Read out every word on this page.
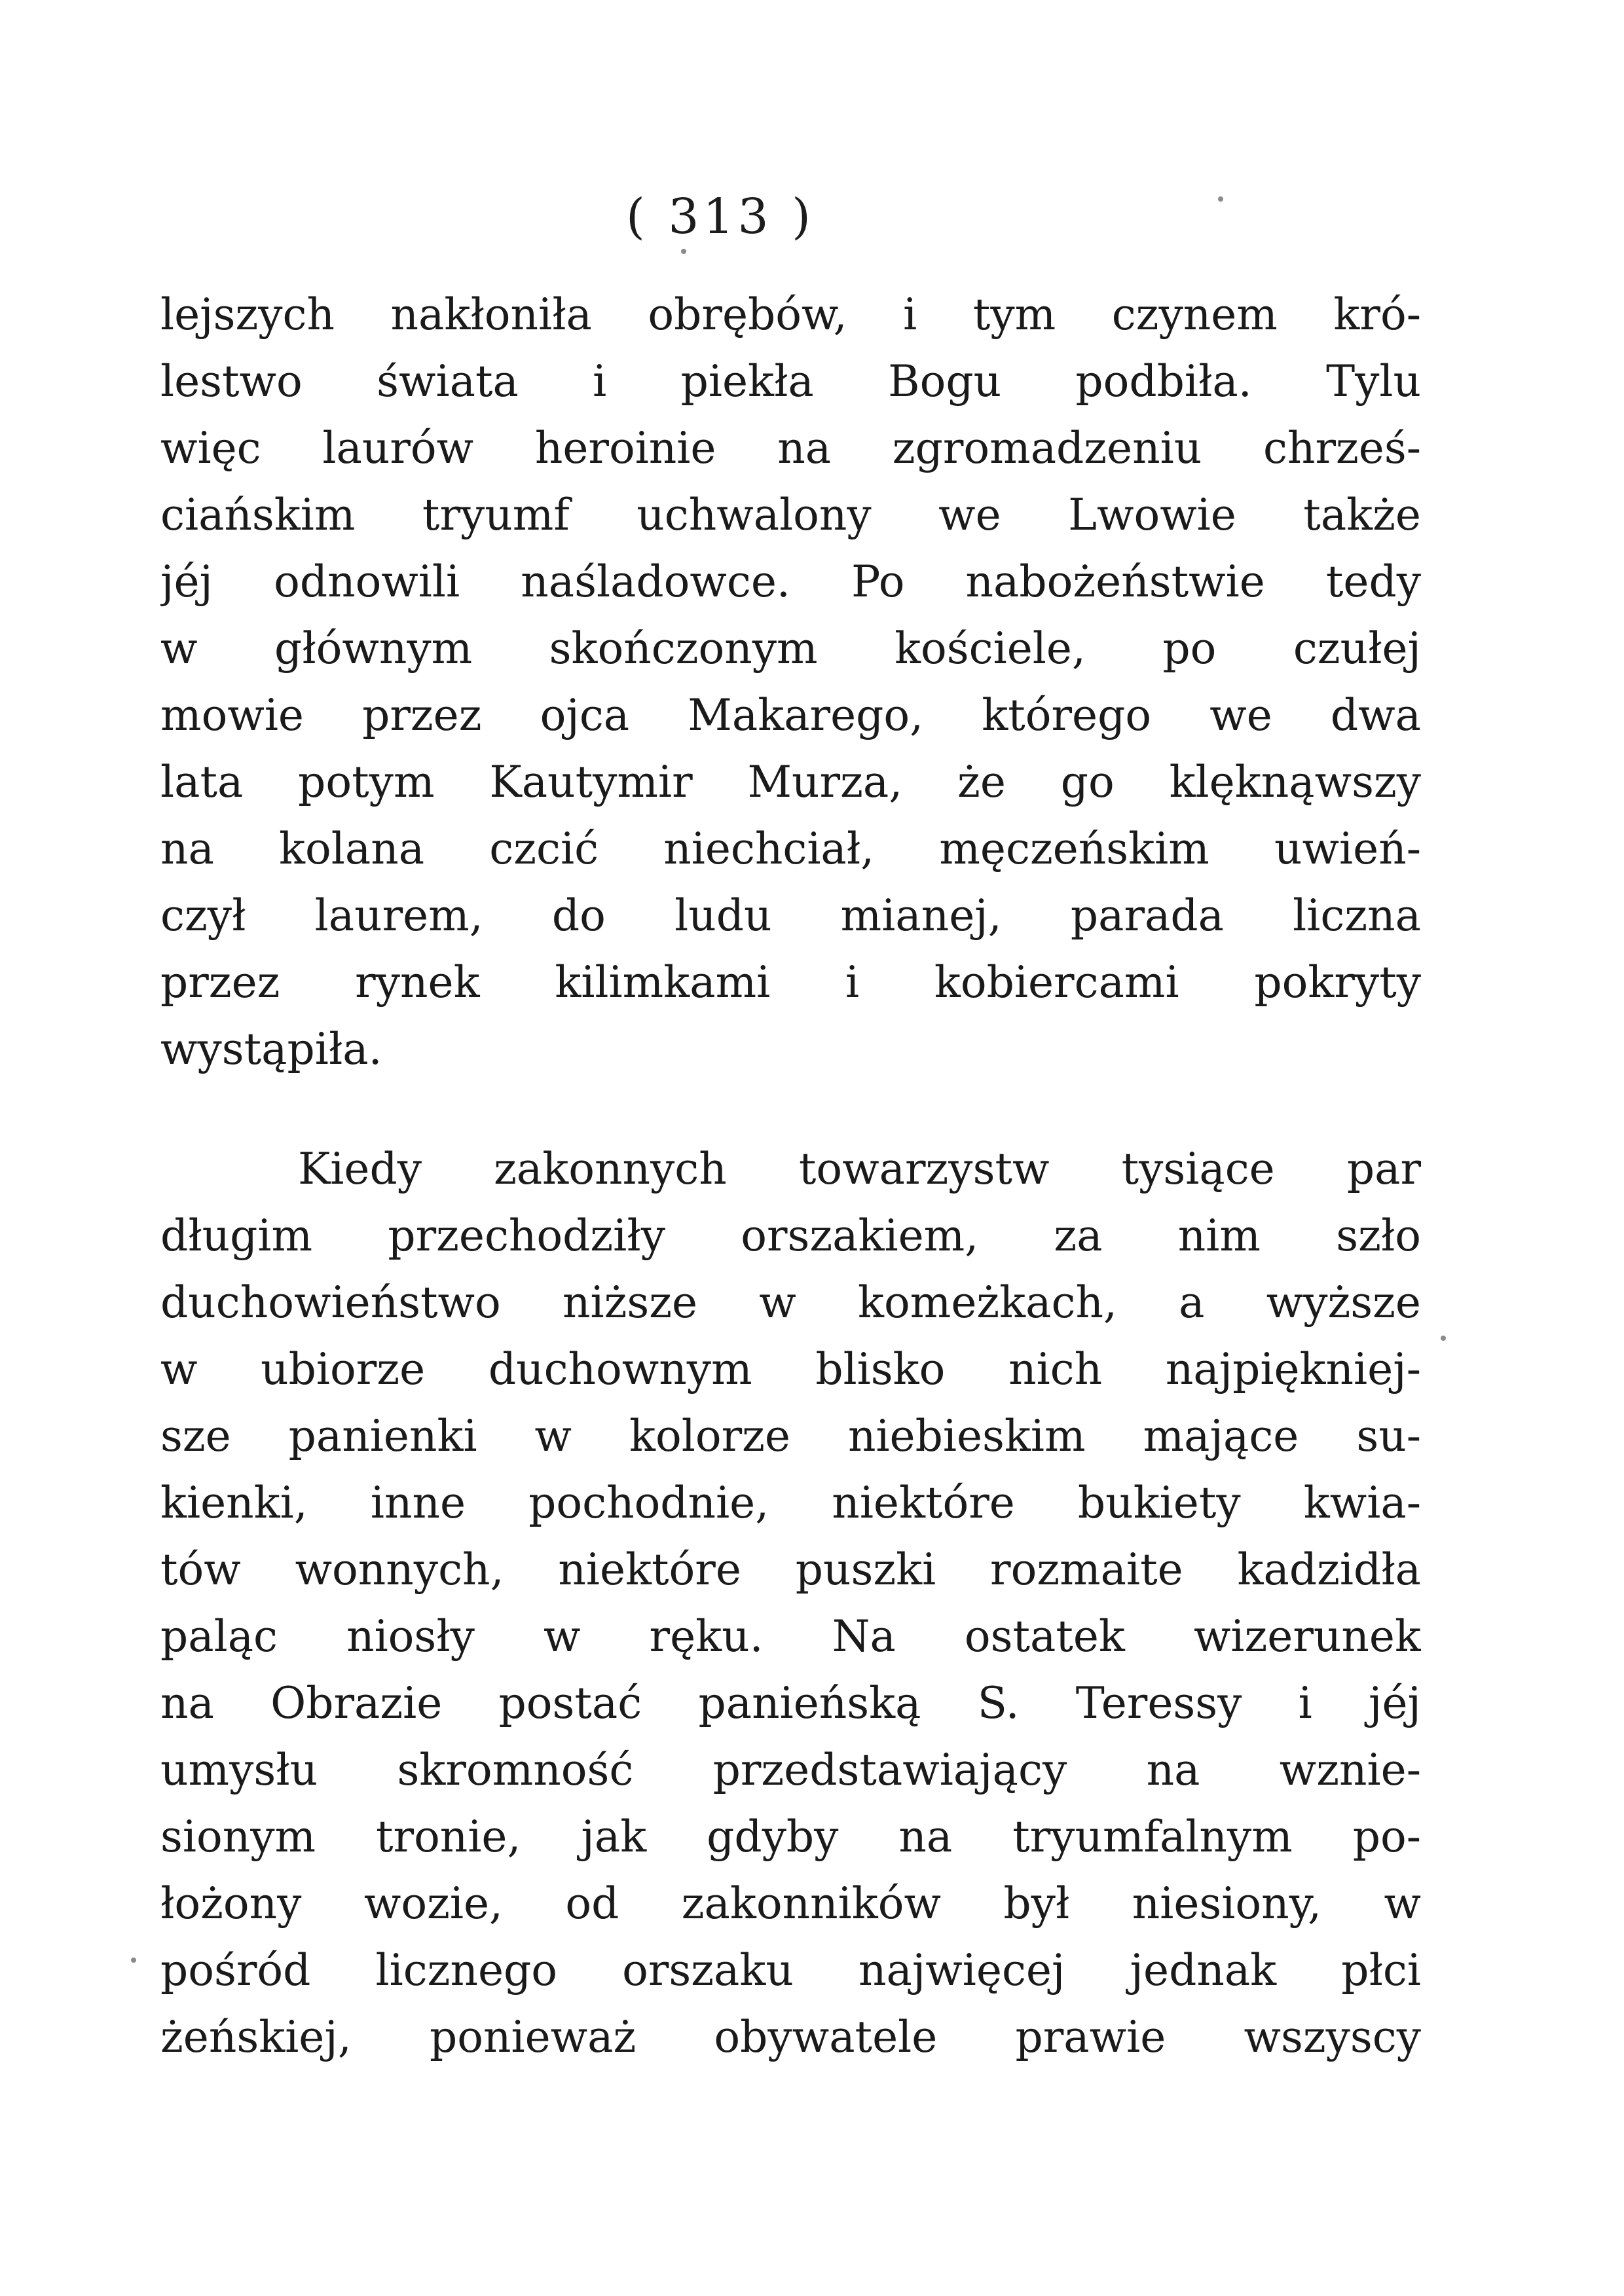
( 313 )
lejszych nakłoniła obrębów, i tym czynem kró-
lestwo świata i piekła Bogu podbiła. Tylu
więc laurów heroinie na zgromadzeniu chrześ-
ciańskim tryumf uchwalony we Lwowie także
jéj odnowili naśladowce. Po nabożeństwie tedy
w głównym skończonym kościele, po czułej
mowie przez ojca Makarego, którego we dwa
lata potym Kautymir Murza, że go klęknąwszy
na kolana czcić niechciał, męczeńskim uwień-
czył laurem, do ludu mianej, parada liczna
przez rynek kilimkami i kobiercami pokryty
wystąpiła.
Kiedy zakonnych towarzystw tysiące par
długim przechodziły orszakiem, za nim szło
duchowieństwo niższe w komeżkach, a wyższe
w ubiorze duchownym blisko nich najpiękniej-
sze panienki w kolorze niebieskim mające su-
kienki, inne pochodnie, niektóre bukiety kwia-
tów wonnych, niektóre puszki rozmaite kadzidła
paląc niosły w ręku. Na ostatek wizerunek
na Obrazie postać panieńską S. Teressy i jéj
umysłu skromność przedstawiający na wznie-
sionym tronie, jak gdyby na tryumfalnym po-
łożony wozie, od zakonników był niesiony, w
pośród licznego orszaku najwięcej jednak płci
żeńskiej, ponieważ obywatele prawie wszyscy
